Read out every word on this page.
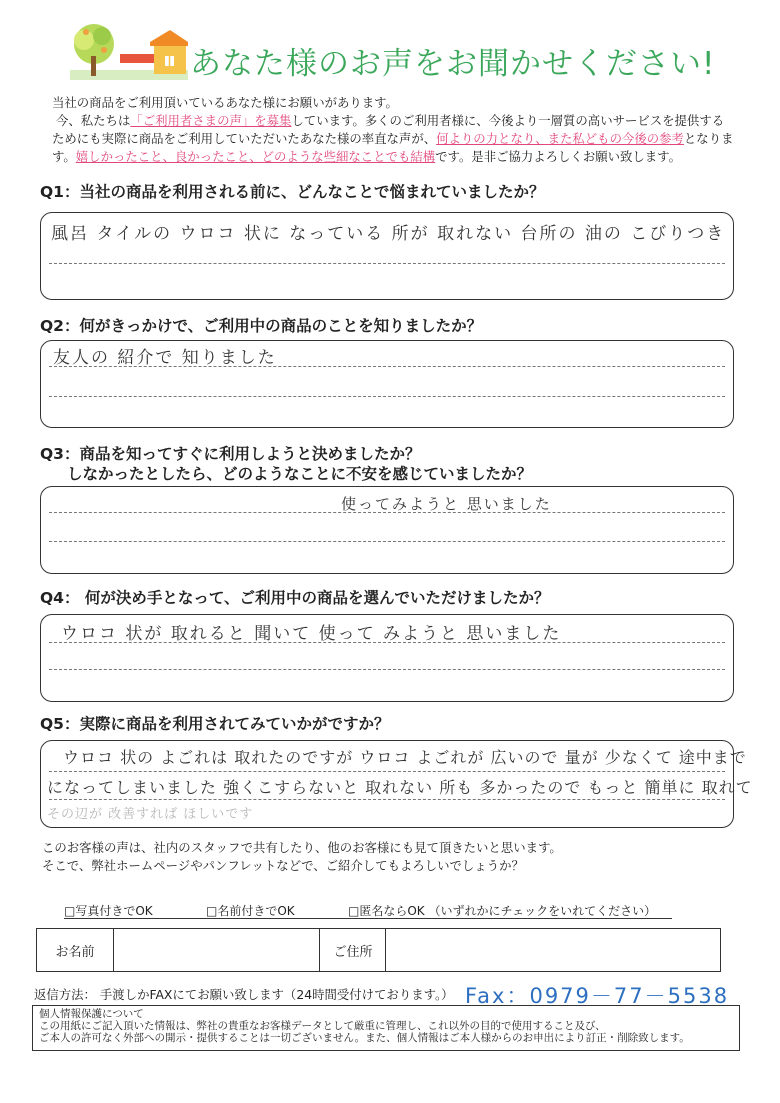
あなた様のお声をお聞かせください!
当社の商品をご利用頂いているあなた様にお願いがあります。
今、私たちは「ご利用者さまの声」を募集しています。多くのご利用者様に、今後より一層質の高いサービスを提供する
ためにも実際に商品をご利用していただいたあなた様の率直な声が、何よりの力となり、また私どもの今後の参考となりま
す。嬉しかったこと、良かったこと、どのような些細なことでも結構です。是非ご協力よろしくお願い致します。
Q1：当社の商品を利用される前に、どんなことで悩まれていましたか？
風呂 タイルの ウロコ 状に なっている 所が 取れない 台所の 油の こびりつき
Q2：何がきっかけで、ご利用中の商品のことを知りましたか？
友人の 紹介で 知りました
Q3：商品を知ってすぐに利用しようと決めましたか？
しなかったとしたら、どのようなことに不安を感じていましたか？
使ってみようと 思いました
Q4： 何が決め手となって、ご利用中の商品を選んでいただけましたか？
ウロコ 状が 取れると 聞いて 使って みようと 思いました
Q5：実際に商品を利用されてみていかがですか？
ウロコ 状の よごれは 取れたのですが ウロコ よごれが 広いので 量が 少なくて 途中まで
になってしまいました 強くこすらないと 取れない 所も 多かったので もっと 簡単に 取れて
その辺が 改善すれば ほしいです
このお客様の声は、社内のスタッフで共有したり、他のお客様にも見て頂きたいと思います。
そこで、弊社ホームページやパンフレットなどで、ご紹介してもよろしいでしょうか？
□写真付きでOK	□名前付きでOK	□匿名ならOK （いずれかにチェックをいれてください）
お名前	ご住所
返信方法： 手渡しかFAXにてお願い致します（24時間受付けております。） Fax：0979－77－5538
個人情報保護について
この用紙にご記入頂いた情報は、弊社の貴重なお客様データとして厳重に管理し、これ以外の目的で使用すること及び、
ご本人の許可なく外部への開示・提供することは一切ございません。また、個人情報はご本人様からのお申出により訂正・削除致します。
